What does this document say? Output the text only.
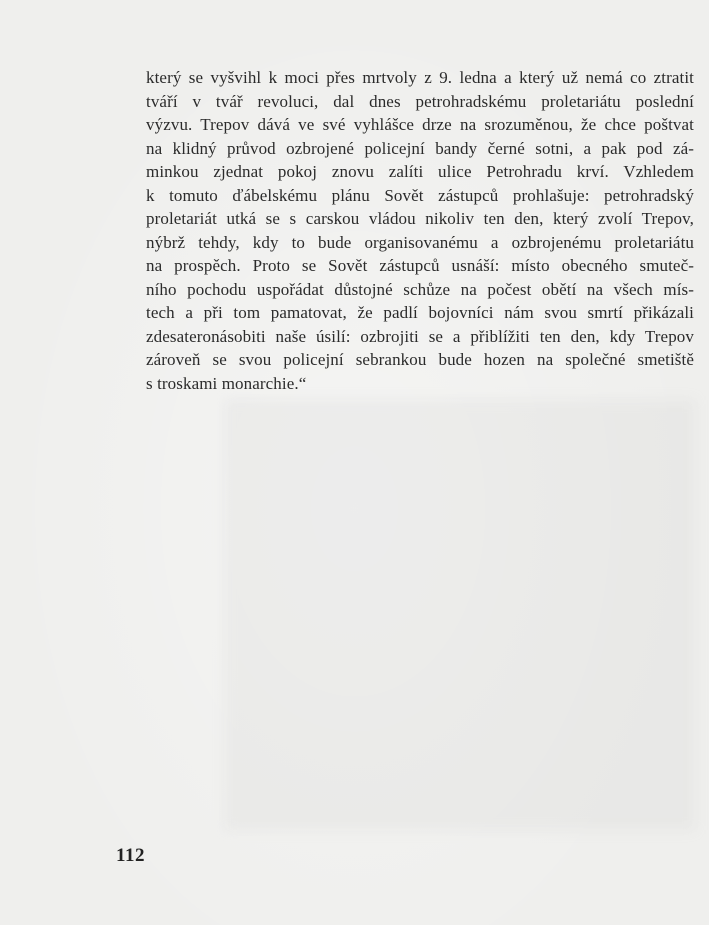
který se vyšvihl k moci přes mrtvoly z 9. ledna a který už nemá co ztratit
tváří v tvář revoluci, dal dnes petrohradskému proletariátu poslední
výzvu. Trepov dává ve své vyhlášce drze na srozuměnou, že chce poštvat
na klidný průvod ozbrojené policejní bandy černé sotni, a pak pod zá-
minkou zjednat pokoj znovu zalíti ulice Petrohradu krví. Vzhledem
k tomuto ďábelskému plánu Sovět zástupců prohlašuje: petrohradský
proletariát utká se s carskou vládou nikoliv ten den, který zvolí Trepov,
nýbrž tehdy, kdy to bude organisovanému a ozbrojenému proletariátu
na prospěch. Proto se Sovět zástupců usnáší: místo obecného smuteč-
ního pochodu uspořádat důstojné schůze na počest obětí na všech mís-
tech a při tom pamatovat, že padlí bojovníci nám svou smrtí přikázali
zdesateronásobiti naše úsilí: ozbrojiti se a přiblížiti ten den, kdy Trepov
zároveň se svou policejní sebrankou bude hozen na společné smetiště
s troskami monarchie.“
112
